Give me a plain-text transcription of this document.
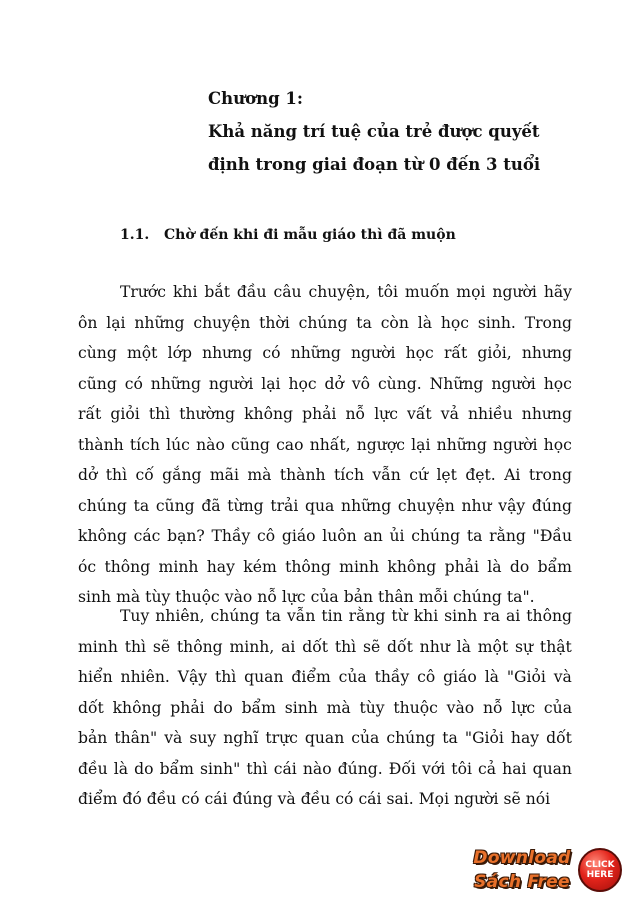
Chương 1:
Khả năng trí tuệ của trẻ được quyết
định trong giai đoạn từ 0 đến 3 tuổi
1.1. Chờ đến khi đi mẫu giáo thì đã muộn
Trước khi bắt đầu câu chuyện, tôi muốn mọi người hãy
ôn lại những chuyện thời chúng ta còn là học sinh. Trong
cùng một lớp nhưng có những người học rất giỏi, nhưng
cũng có những người lại học dở vô cùng. Những người học
rất giỏi thì thường không phải nỗ lực vất vả nhiều nhưng
thành tích lúc nào cũng cao nhất, ngược lại những người học
dở thì cố gắng mãi mà thành tích vẫn cứ lẹt đẹt. Ai trong
chúng ta cũng đã từng trải qua những chuyện như vậy đúng
không các bạn? Thầy cô giáo luôn an ủi chúng ta rằng "Đầu
óc thông minh hay kém thông minh không phải là do bẩm
sinh mà tùy thuộc vào nỗ lực của bản thân mỗi chúng ta".
Tuy nhiên, chúng ta vẫn tin rằng từ khi sinh ra ai thông
minh thì sẽ thông minh, ai dốt thì sẽ dốt như là một sự thật
hiển nhiên. Vậy thì quan điểm của thầy cô giáo là "Giỏi và
dốt không phải do bẩm sinh mà tùy thuộc vào nỗ lực của
bản thân" và suy nghĩ trực quan của chúng ta "Giỏi hay dốt
đều là do bẩm sinh" thì cái nào đúng. Đối với tôi cả hai quan
điểm đó đều có cái đúng và đều có cái sai. Mọi người sẽ nói
Download
Sách Free
CLICK
HERE
